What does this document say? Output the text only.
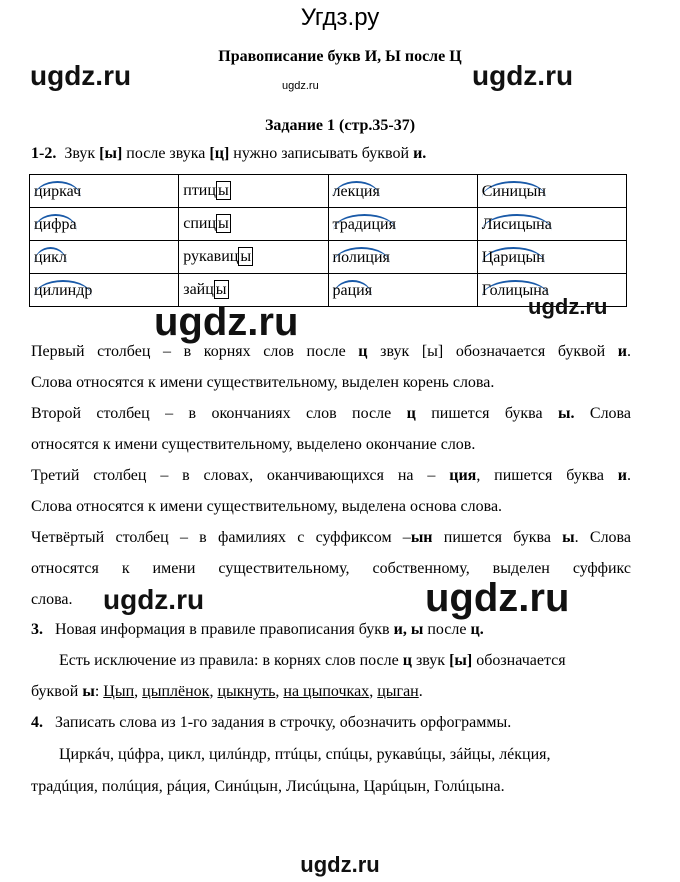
Угдз.ру
ugdz.ru	ugdz.ru
ugdz.ru
Правописание букв И, Ы после Ц
Задание 1 (стр.35-37)
1-2. Звук [ы] после звука [ц] нужно записывать буквой и.
циркач	птиц ы	лекция	Синицын
цифра	спиц ы	традиция	Лисицына
цикл	рукавиц ы	полиция	Царицын
цилиндр	зайц ы	рация	Голицына
ugdz.ru
ugdz.ru
Первый столбец – в корнях слов после ц звук [ы] обозначается буквой и.
Слова относятся к имени существительному, выделен корень слова.
Второй столбец – в окончаниях слов после ц пишется буква ы. Слова
относятся к имени существительному, выделено окончание слов.
Третий столбец – в словах, оканчивающихся на – ция, пишется буква и.
Слова относятся к имени существительному, выделена основа слова.
Четвёртый столбец – в фамилиях с суффиксом –ын пишется буква ы. Слова
относятся к имени существительному, собственному, выделен суффикс
слова. ugdz.ru	ugdz.ru
3. Новая информация в правиле правописания букв и, ы после ц.
Есть исключение из правила: в корнях слов после ц звук [ы] обозначается
буквой ы: Цып, цыплёнок, цыкнуть, на цыпочках, цыган.
4. Записать слова из 1-го задания в строчку, обозначить орфограммы.
Циркáч, цúфра, цикл, цилúндр, птúцы, спúцы, рукавúцы, зáйцы, лéкция,
традúция, полúция, рáция, Синúцын, Лисúцына, Царúцын, Голúцына.
ugdz.ru
